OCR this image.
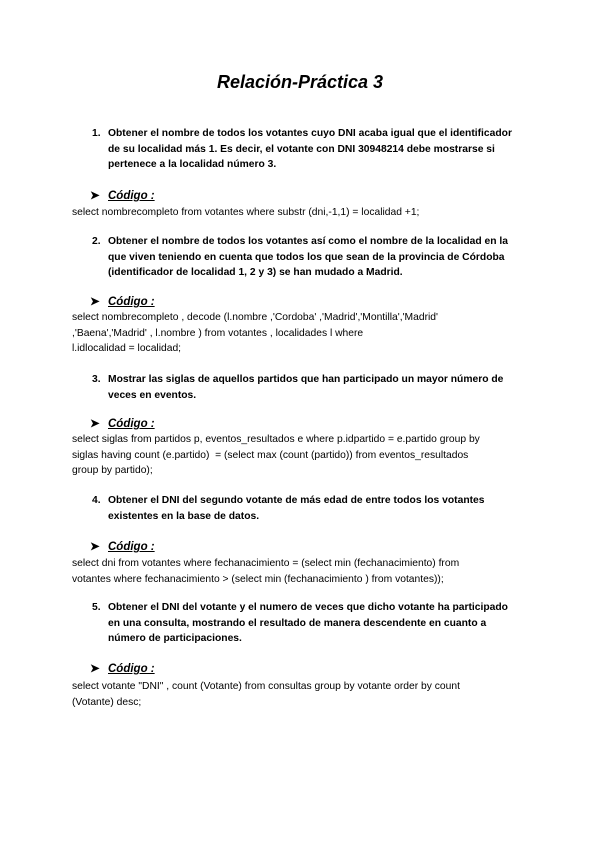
Relación-Práctica 3
1. Obtener el nombre de todos los votantes cuyo DNI acaba igual que el identificador de su localidad más 1. Es decir, el votante con DNI 30948214 debe mostrarse si pertenece a la localidad número 3.
➤ Código :
select nombrecompleto from votantes where substr (dni,-1,1) = localidad +1;
2. Obtener el nombre de todos los votantes así como el nombre de la localidad en la que viven teniendo en cuenta que todos los que sean de la provincia de Córdoba (identificador de localidad 1, 2 y 3) se han mudado a Madrid.
➤ Código :
select nombrecompleto , decode (l.nombre ,'Cordoba' ,'Madrid','Montilla','Madrid'
,'Baena','Madrid' , l.nombre ) from votantes , localidades l where
l.idlocalidad = localidad;
3. Mostrar las siglas de aquellos partidos que han participado un mayor número de veces en eventos.
➤ Código :
select siglas from partidos p, eventos_resultados e where p.idpartido = e.partido group by
siglas having count (e.partido)  = (select max (count (partido)) from eventos_resultados
group by partido);
4. Obtener el DNI del segundo votante de más edad de entre todos los votantes existentes en la base de datos.
➤ Código :
select dni from votantes where fechanacimiento = (select min (fechanacimiento) from
votantes where fechanacimiento > (select min (fechanacimiento ) from votantes));
5. Obtener el DNI del votante y el numero de veces que dicho votante ha participado en una consulta, mostrando el resultado de manera descendente en cuanto a número de participaciones.
➤ Código :
select votante "DNI" , count (Votante) from consultas group by votante order by count
(Votante) desc;
